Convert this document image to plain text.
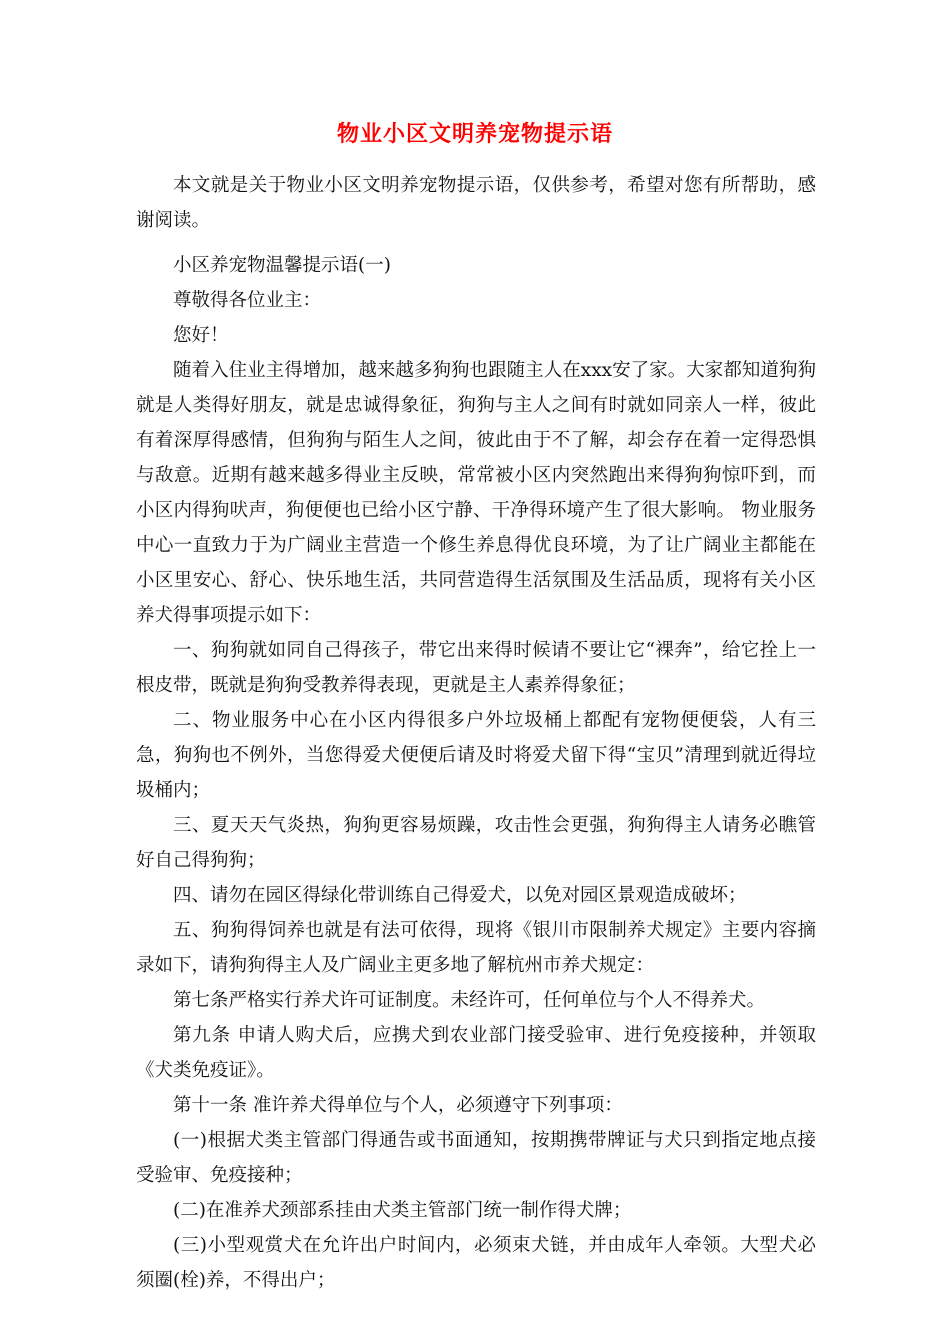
物业小区文明养宠物提示语

本文就是关于物业小区文明养宠物提示语，仅供参考，希望对您有所帮助，感谢阅读。

小区养宠物温馨提示语(一)

尊敬得各位业主：

您好！

随着入住业主得增加，越来越多狗狗也跟随主人在xxx安了家。大家都知道狗狗就是人类得好朋友，就是忠诚得象征，狗狗与主人之间有时就如同亲人一样，彼此有着深厚得感情，但狗狗与陌生人之间，彼此由于不了解，却会存在着一定得恐惧与敌意。近期有越来越多得业主反映，常常被小区内突然跑出来得狗狗惊吓到，而小区内得狗吠声，狗便便也已给小区宁静、干净得环境产生了很大影响。 物业服务中心一直致力于为广阔业主营造一个修生养息得优良环境，为了让广阔业主都能在小区里安心、舒心、快乐地生活，共同营造得生活氛围及生活品质，现将有关小区养犬得事项提示如下：

一、狗狗就如同自己得孩子，带它出来得时候请不要让它“裸奔”，给它拴上一根皮带，既就是狗狗受教养得表现，更就是主人素养得象征；

二、物业服务中心在小区内得很多户外垃圾桶上都配有宠物便便袋，人有三急，狗狗也不例外，当您得爱犬便便后请及时将爱犬留下得“宝贝”清理到就近得垃圾桶内；

三、夏天天气炎热，狗狗更容易烦躁，攻击性会更强，狗狗得主人请务必瞧管好自己得狗狗；

四、请勿在园区得绿化带训练自己得爱犬，以免对园区景观造成破坏；

五、狗狗得饲养也就是有法可依得，现将《银川市限制养犬规定》主要内容摘录如下，请狗狗得主人及广阔业主更多地了解杭州市养犬规定：

第七条严格实行养犬许可证制度。未经许可，任何单位与个人不得养犬。

第九条 申请人购犬后，应携犬到农业部门接受验审、进行免疫接种，并领取《犬类免疫证》。

第十一条 准许养犬得单位与个人，必须遵守下列事项：

(一)根据犬类主管部门得通告或书面通知，按期携带牌证与犬只到指定地点接受验审、免疫接种；

(二)在准养犬颈部系挂由犬类主管部门统一制作得犬牌；

(三)小型观赏犬在允许出户时间内，必须束犬链，并由成年人牵领。大型犬必须圈(栓)养，不得出户；
